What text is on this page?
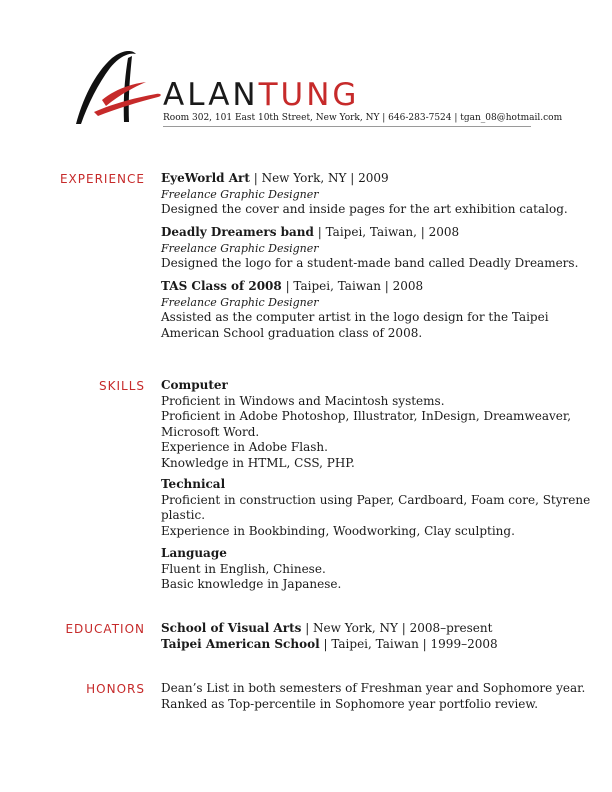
ALANTUNG
Room 302, 101 East 10th Street, New York, NY | 646-283-7524 | tgan_08@hotmail.com
EXPERIENCE EyeWorld Art | New York, NY | 2009
Freelance Graphic Designer
Designed the cover and inside pages for the art exhibition catalog.
Deadly Dreamers band | Taipei, Taiwan, | 2008
Freelance Graphic Designer
Designed the logo for a student-made band called Deadly Dreamers.
TAS Class of 2008 | Taipei, Taiwan | 2008
Freelance Graphic Designer
Assisted as the computer artist in the logo design for the Taipei
American School graduation class of 2008.
SKILLS Computer
Proficient in Windows and Macintosh systems.
Proficient in Adobe Photoshop, Illustrator, InDesign, Dreamweaver,
Microsoft Word.
Experience in Adobe Flash.
Knowledge in HTML, CSS, PHP.
Technical
Proficient in construction using Paper, Cardboard, Foam core, Styrene
plastic.
Experience in Bookbinding, Woodworking, Clay sculpting.
Language
Fluent in English, Chinese.
Basic knowledge in Japanese.
EDUCATION School of Visual Arts | New York, NY | 2008–present
Taipei American School | Taipei, Taiwan | 1999–2008
HONORS Dean’s List in both semesters of Freshman year and Sophomore year.
Ranked as Top-percentile in Sophomore year portfolio review.
